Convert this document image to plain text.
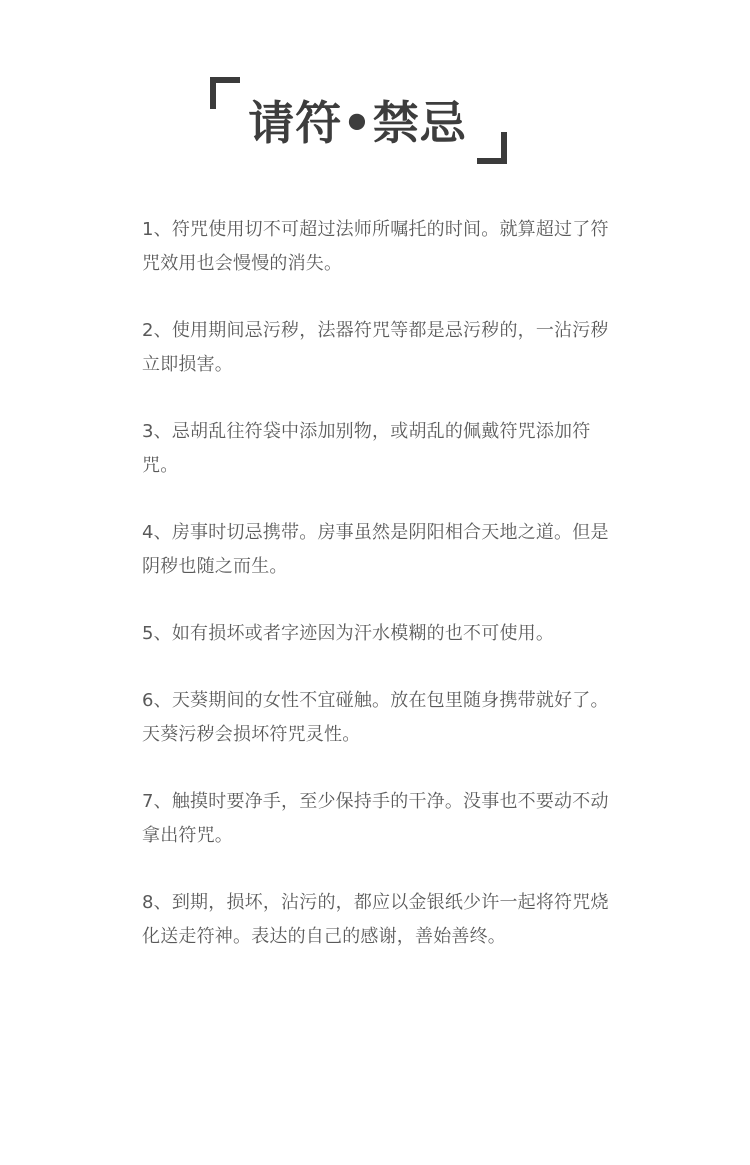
请符•禁忌
1、符咒使用切不可超过法师所嘱托的时间。就算超过了符咒效用也会慢慢的消失。
2、使用期间忌污秽，法器符咒等都是忌污秽的，一沾污秽立即损害。
3、忌胡乱往符袋中添加别物，或胡乱的佩戴符咒添加符咒。
4、房事时切忌携带。房事虽然是阴阳相合天地之道。但是阴秽也随之而生。
5、如有损坏或者字迹因为汗水模糊的也不可使用。
6、天葵期间的女性不宜碰触。放在包里随身携带就好了。天葵污秽会损坏符咒灵性。
7、触摸时要净手，至少保持手的干净。没事也不要动不动拿出符咒。
8、到期，损坏，沾污的，都应以金银纸少许一起将符咒烧化送走符神。表达的自己的感谢，善始善终。
